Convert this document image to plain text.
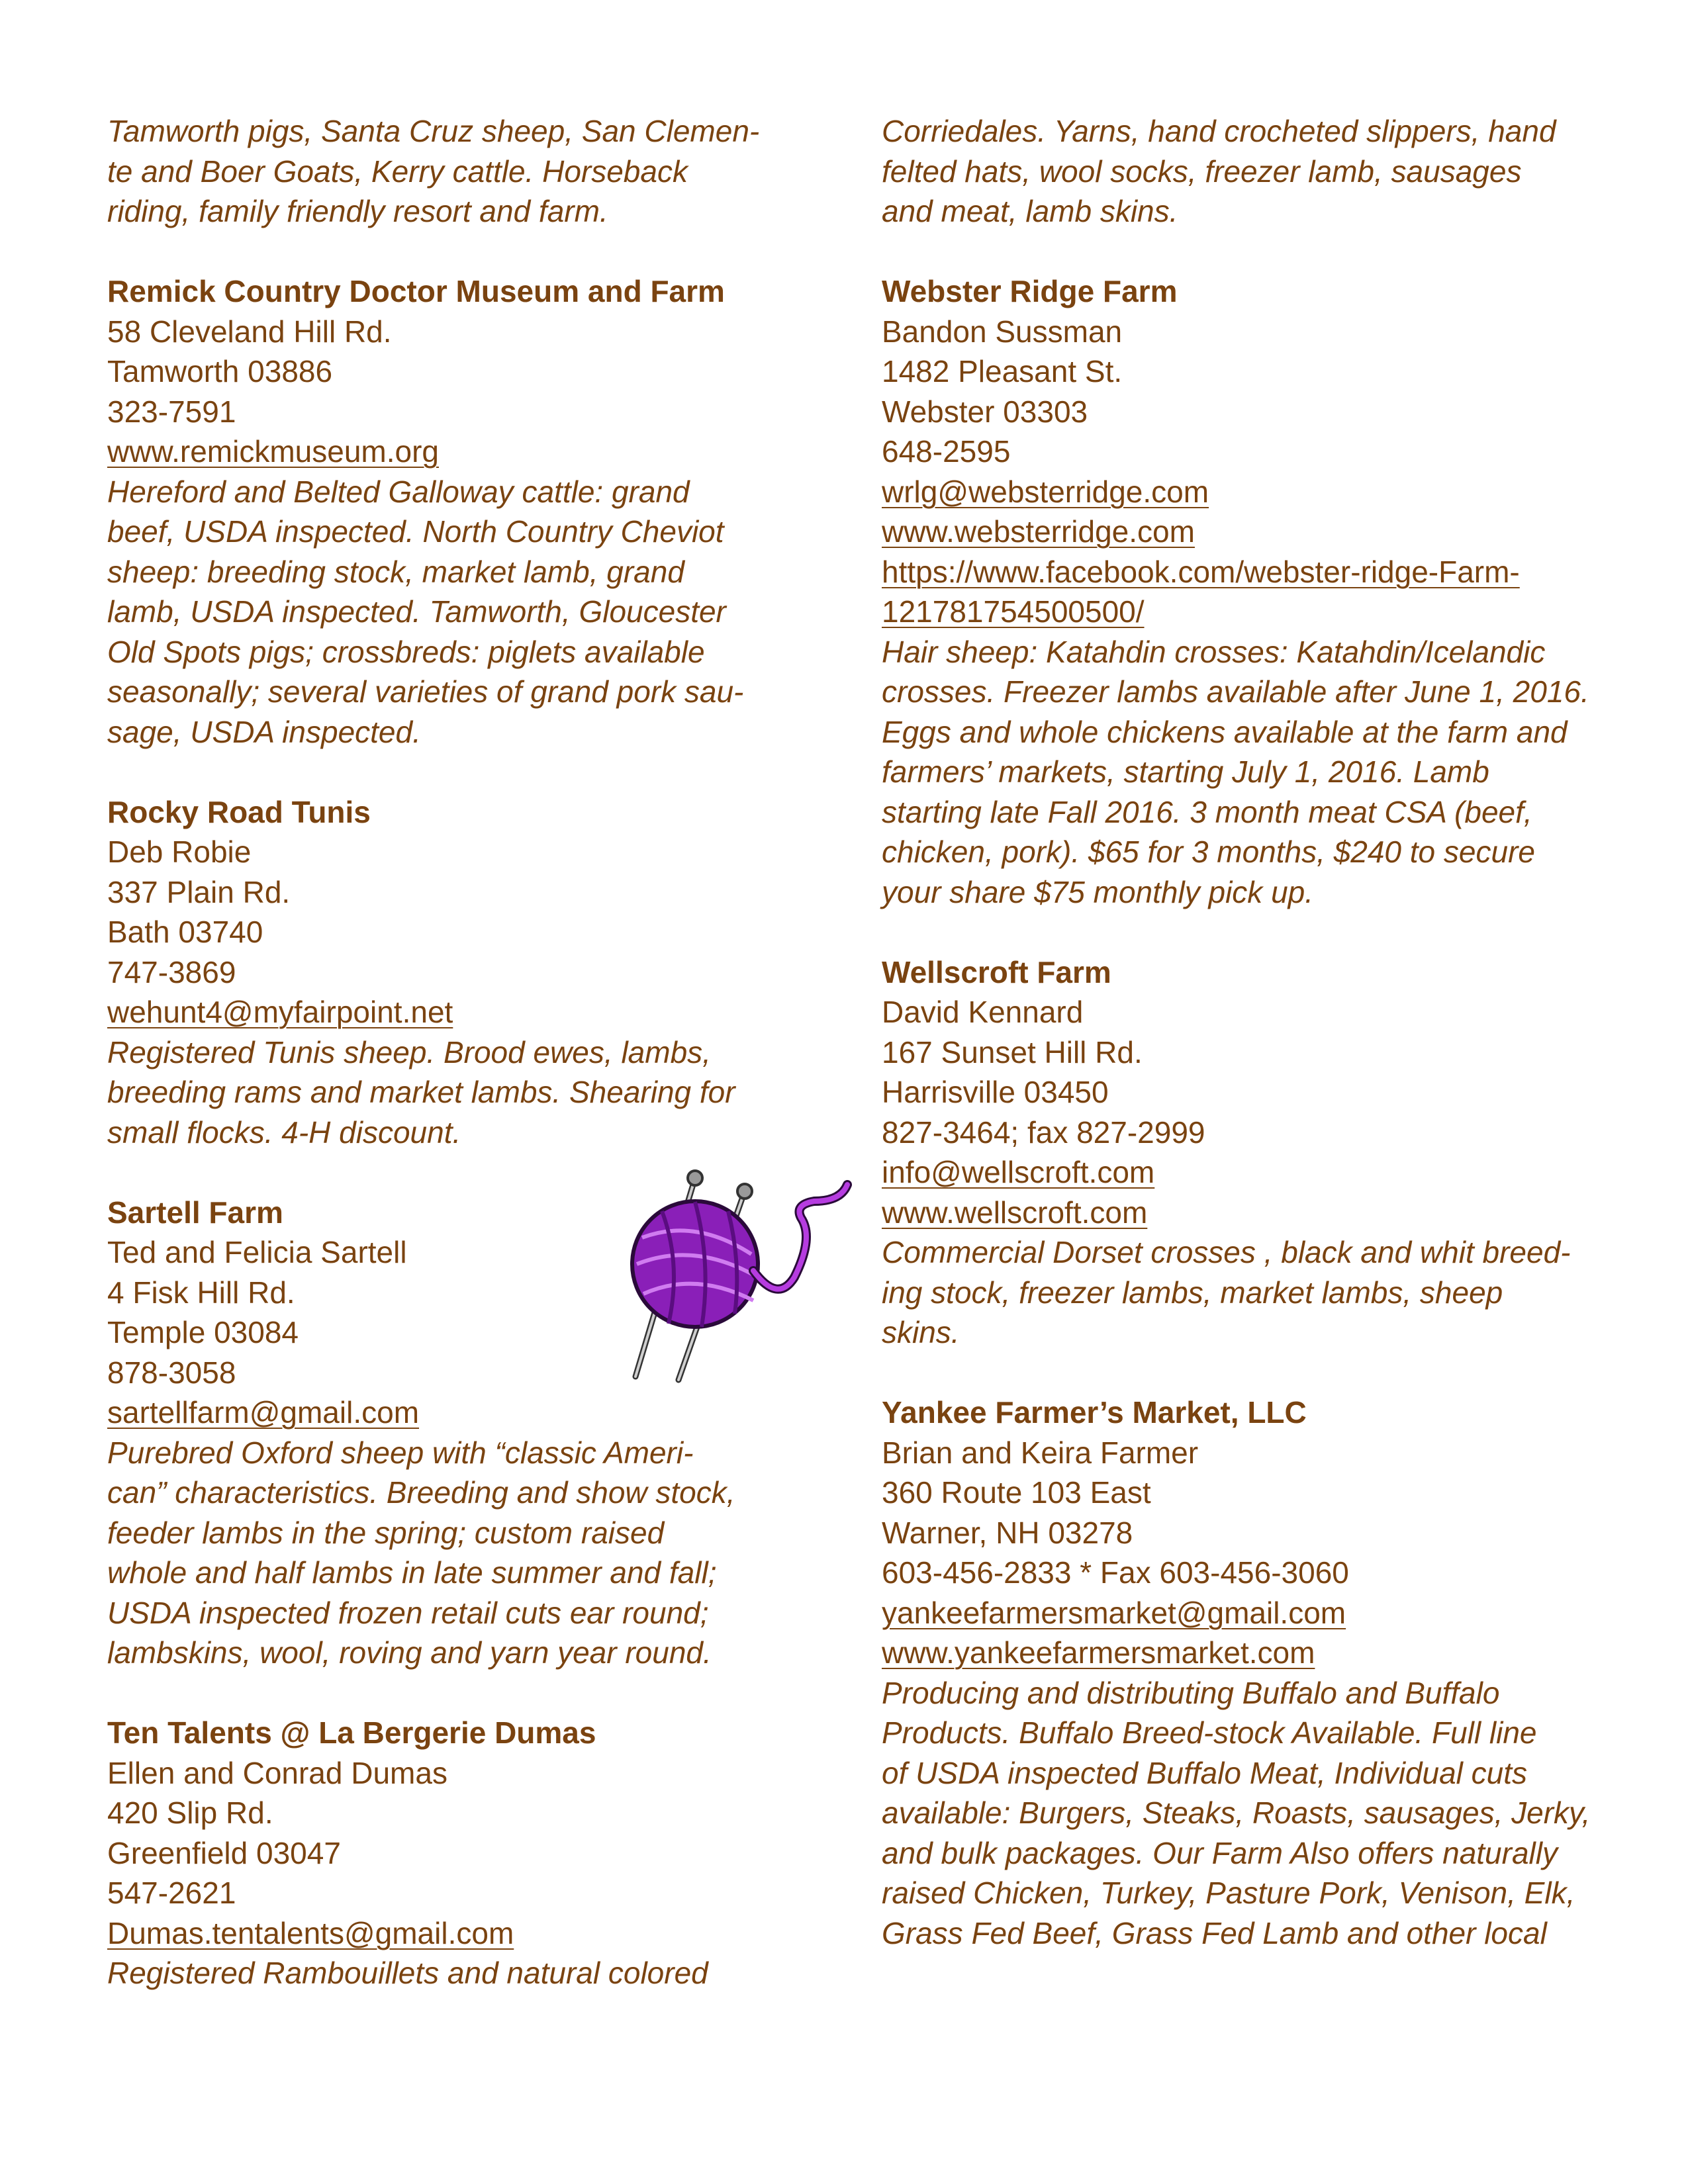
Tamworth pigs, Santa Cruz sheep, San Clemen-
te and Boer Goats, Kerry cattle. Horseback
riding, family friendly resort and farm.
Remick Country Doctor Museum and Farm
58 Cleveland Hill Rd.
Tamworth 03886
323-7591
www.remickmuseum.org
Hereford and Belted Galloway cattle: grand
beef, USDA inspected. North Country Cheviot
sheep: breeding stock, market lamb, grand
lamb, USDA inspected. Tamworth, Gloucester
Old Spots pigs; crossbreds: piglets available
seasonally; several varieties of grand pork sau-
sage, USDA inspected.
Rocky Road Tunis
Deb Robie
337 Plain Rd.
Bath 03740
747-3869
wehunt4@myfairpoint.net
Registered Tunis sheep. Brood ewes, lambs,
breeding rams and market lambs. Shearing for
small flocks. 4-H discount.
Sartell Farm
Ted and Felicia Sartell
4 Fisk Hill Rd.
Temple 03084
878-3058
sartellfarm@gmail.com
Purebred Oxford sheep with “classic Ameri-
can” characteristics. Breeding and show stock,
feeder lambs in the spring; custom raised
whole and half lambs in late summer and fall;
USDA inspected frozen retail cuts ear round;
lambskins, wool, roving and yarn year round.
Ten Talents @ La Bergerie Dumas
Ellen and Conrad Dumas
420 Slip Rd.
Greenfield 03047
547-2621
Dumas.tentalents@gmail.com
Registered Rambouillets and natural colored
Corriedales. Yarns, hand crocheted slippers, hand
felted hats, wool socks, freezer lamb, sausages
and meat, lamb skins.
Webster Ridge Farm
Bandon Sussman
1482 Pleasant St.
Webster 03303
648-2595
wrlg@websterridge.com
www.websterridge.com
https://www.facebook.com/webster-ridge-Farm-
121781754500500/
Hair sheep: Katahdin crosses: Katahdin/Icelandic
crosses. Freezer lambs available after June 1, 2016.
Eggs and whole chickens available at the farm and
farmers’ markets, starting July 1, 2016. Lamb
starting late Fall 2016. 3 month meat CSA (beef,
chicken, pork). $65 for 3 months, $240 to secure
your share $75 monthly pick up.
Wellscroft Farm
David Kennard
167 Sunset Hill Rd.
Harrisville 03450
827-3464; fax 827-2999
info@wellscroft.com
www.wellscroft.com
Commercial Dorset crosses , black and whit breed-
ing stock, freezer lambs, market lambs, sheep
skins.
Yankee Farmer’s Market, LLC
Brian and Keira Farmer
360 Route 103 East
Warner, NH 03278
603-456-2833 * Fax 603-456-3060
yankeefarmersmarket@gmail.com
www.yankeefarmersmarket.com
Producing and distributing Buffalo and Buffalo
Products. Buffalo Breed-stock Available. Full line
of USDA inspected Buffalo Meat, Individual cuts
available: Burgers, Steaks, Roasts, sausages, Jerky,
and bulk packages. Our Farm Also offers naturally
raised Chicken, Turkey, Pasture Pork, Venison, Elk,
Grass Fed Beef, Grass Fed Lamb and other local
